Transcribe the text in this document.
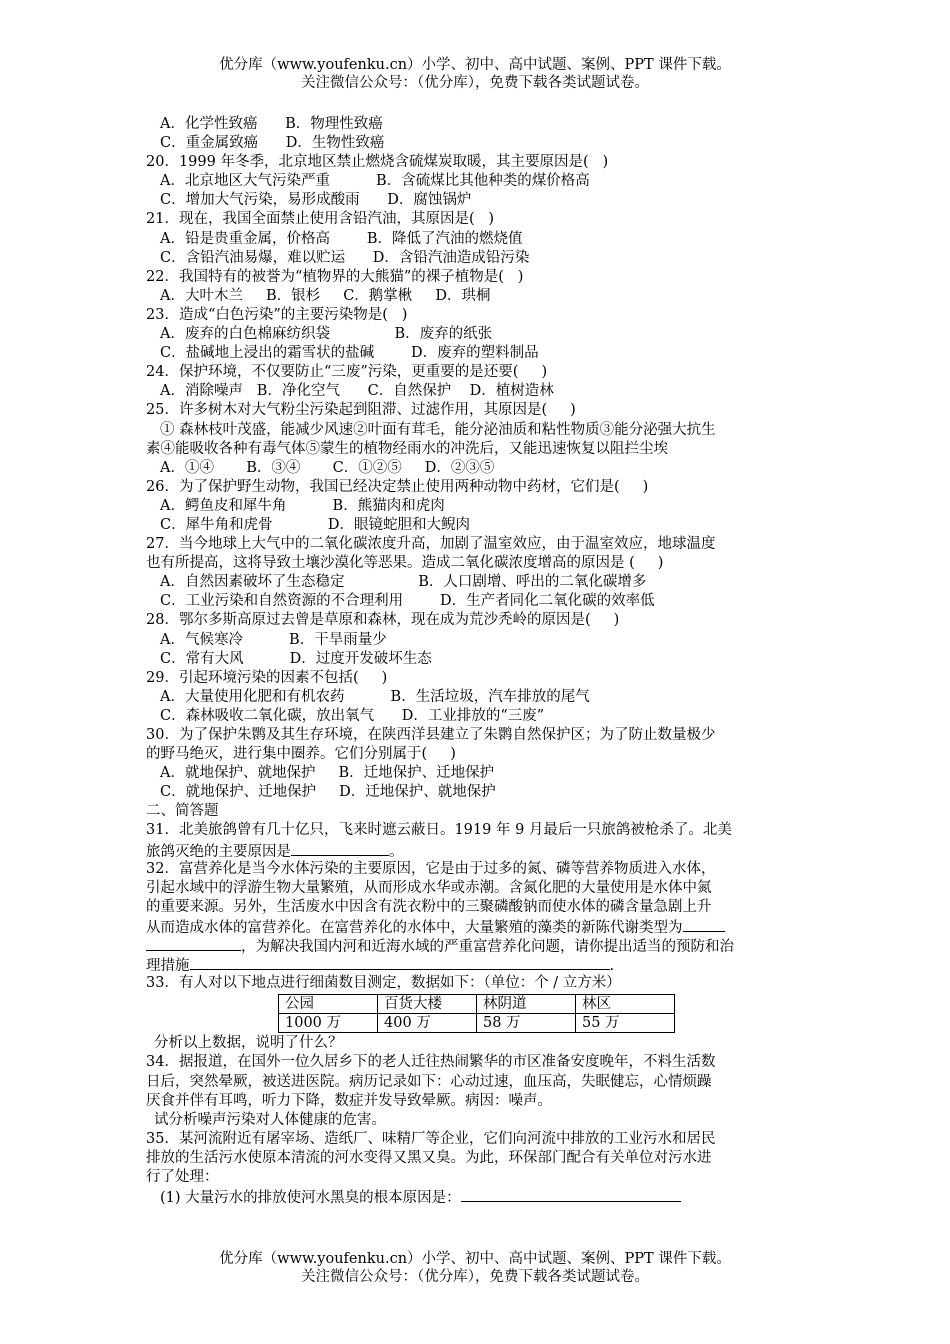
优分库（www.youfenku.cn）小学、初中、高中试题、案例、PPT 课件下载。
关注微信公众号：（优分库），免费下载各类试题试卷。
A．化学性致癌      B．物理性致癌
C．重金属致癌      D．生物性致癌
20．1999 年冬季，北京地区禁止燃烧含硫煤炭取暖，其主要原因是(   )
A．北京地区大气污染严重          B．含硫煤比其他种类的煤价格高
C．增加大气污染，易形成酸雨      D．腐蚀锅炉
21．现在，我国全面禁止使用含铅汽油，其原因是(   )
A．铅是贵重金属，价格高        B．降低了汽油的燃烧值
C．含铅汽油易爆，难以贮运      D．含铅汽油造成铅污染
22．我国特有的被誉为“植物界的大熊猫”的裸子植物是(   )
A．大叶木兰     B．银杉     C．鹅掌楸     D．珙桐
23．造成“白色污染”的主要污染物是(   )
A．废弃的白色棉麻纺织袋              B．废弃的纸张
C．盐碱地上浸出的霜雪状的盐碱        D．废弃的塑料制品
24．保护环境，不仅要防止“三废”污染，更重要的是还要(     )
A．消除噪声   B．净化空气      C．自然保护    D．植树造林
25．许多树木对大气粉尘污染起到阻滞、过滤作用，其原因是(     )
① 森林枝叶茂盛，能减少风速②叶面有茸毛，能分泌油质和粘性物质③能分泌强大抗生
素④能吸收各种有毒气体⑤蒙生的植物经雨水的冲洗后，又能迅速恢复以阻拦尘埃
A．①④       B．③④       C．①②⑤     D．②③⑤
26．为了保护野生动物，我国已经决定禁止使用两种动物中药材，它们是(     )
A．鳄鱼皮和犀牛角          B．熊猫肉和虎肉
C．犀牛角和虎骨            D．眼镜蛇胆和大鲵肉
27．当今地球上大气中的二氧化碳浓度升高，加剧了温室效应，由于温室效应，地球温度
也有所提高，这将导致土壤沙漠化等恶果。造成二氧化碳浓度增高的原因是 (     )
A．自然因素破坏了生态稳定                B．人口剧增、呼出的二氧化碳增多
C．工业污染和自然资源的不合理利用        D．生产者同化二氧化碳的效率低
28．鄂尔多斯高原过去曾是草原和森林，现在成为荒沙秃岭的原因是(     )
A．气候寒冷          B．干旱雨量少
C．常有大风          D．过度开发破坏生态
29．引起环境污染的因素不包括(     )
A．大量使用化肥和有机农药          B．生活垃圾，汽车排放的尾气
C．森林吸收二氧化碳，放出氧气      D．工业排放的“三废”
30．为了保护朱鹮及其生存环境，在陕西洋县建立了朱鹮自然保护区；为了防止数量极少
的野马绝灭，进行集中圈养。它们分别属于(     )
A．就地保护、就地保护     B．迁地保护、迁地保护
C．就地保护、迁地保护     D．迁地保护、就地保护
二、简答题
31．北美旅鸽曾有几十亿只，飞来时遮云蔽日。1919 年 9 月最后一只旅鸽被枪杀了。北美
旅鸽灭绝的主要原因是	。
32．富营养化是当今水体污染的主要原因，它是由于过多的氮、磷等营养物质进入水体，
引起水域中的浮游生物大量繁殖，从而形成水华或赤潮。含氮化肥的大量使用是水体中氮
的重要来源。另外，生活废水中因含有洗衣粉中的三聚磷酸钠而使水体的磷含量急剧上升
从而造成水体的富营养化。在富营养化的水体中，大量繁殖的藻类的新陈代谢类型为
，为解决我国内河和近海水域的严重富营养化问题，请你提出适当的预防和治
理措施	.
33．有人对以下地点进行细菌数目测定，数据如下：（单位：个 / 立方米）
公园	百货大楼	林阴道	林区
1000 万	400 万	58 万	55 万
分析以上数据，说明了什么？
34．据报道，在国外一位久居乡下的老人迁往热闹繁华的市区准备安度晚年，不料生活数
日后，突然晕厥，被送进医院。病历记录如下：心动过速，血压高，失眠健忘，心情烦躁
厌食并伴有耳鸣，听力下降，数症并发导致晕厥。病因：噪声。
试分析噪声污染对人体健康的危害。
35．某河流附近有屠宰场、造纸厂、味精厂等企业，它们向河流中排放的工业污水和居民
排放的生活污水使原本清流的河水变得又黑又臭。为此，环保部门配合有关单位对污水进
行了处理：
(1) 大量污水的排放使河水黑臭的根本原因是：
优分库（www.youfenku.cn）小学、初中、高中试题、案例、PPT 课件下载。
关注微信公众号：（优分库），免费下载各类试题试卷。
